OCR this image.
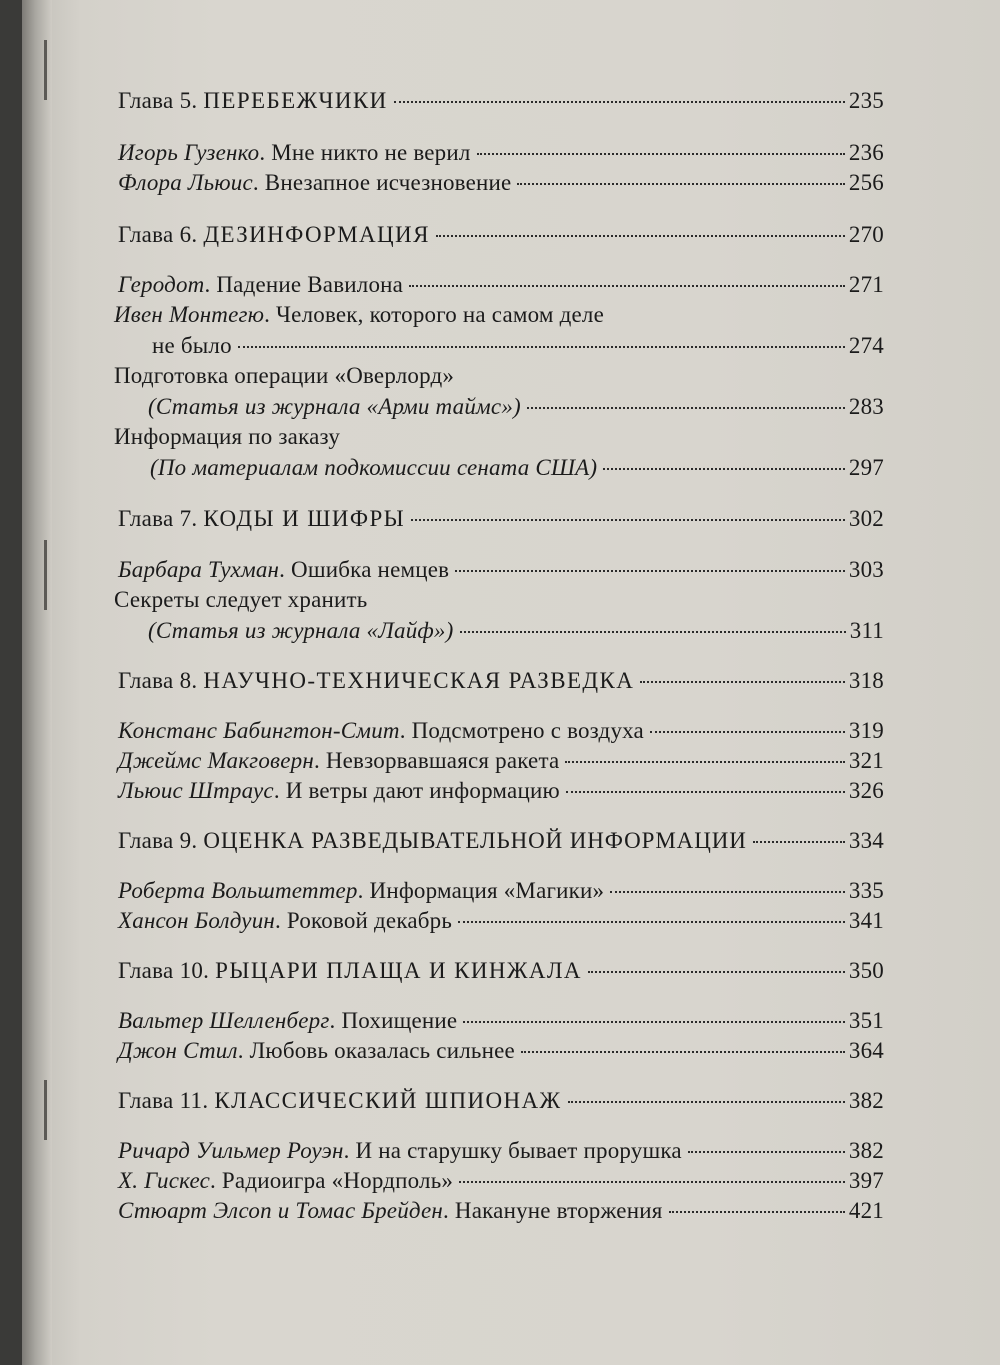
Глава 5. ПЕРЕБЕЖЧИКИ	235
Игорь Гузенко. Мне никто не верил	236
Флора Льюис. Внезапное исчезновение	256
Глава 6. ДЕЗИНФОРМАЦИЯ	270
Геродот. Падение Вавилона	271
Ивен Монтегю. Человек, которого на самом деле
не было	274
Подготовка операции «Оверлорд»
(Статья из журнала «Арми таймс»)	283
Информация по заказу
(По материалам подкомиссии сената США)	297
Глава 7. КОДЫ И ШИФРЫ	302
Барбара Тухман. Ошибка немцев	303
Секреты следует хранить
(Статья из журнала «Лайф»)	311
Глава 8. НАУЧНО-ТЕХНИЧЕСКАЯ РАЗВЕДКА	318
Констанс Бабингтон-Смит. Подсмотрено с воздуха	319
Джеймс Макговерн. Невзорвавшаяся ракета	321
Льюис Штраус. И ветры дают информацию	326
Глава 9. ОЦЕНКА РАЗВЕДЫВАТЕЛЬНОЙ ИНФОРМАЦИИ	334
Роберта Вольштеттер. Информация «Магики»	335
Хансон Болдуин. Роковой декабрь	341
Глава 10. РЫЦАРИ ПЛАЩА И КИНЖАЛА	350
Вальтер Шелленберг. Похищение	351
Джон Стил. Любовь оказалась сильнее	364
Глава 11. КЛАССИЧЕСКИЙ ШПИОНАЖ	382
Ричард Уильмер Роуэн. И на старушку бывает прорушка	382
Х. Гискес. Радиоигра «Нордполь»	397
Стюарт Элсоп и Томас Брейден. Накануне вторжения	421
